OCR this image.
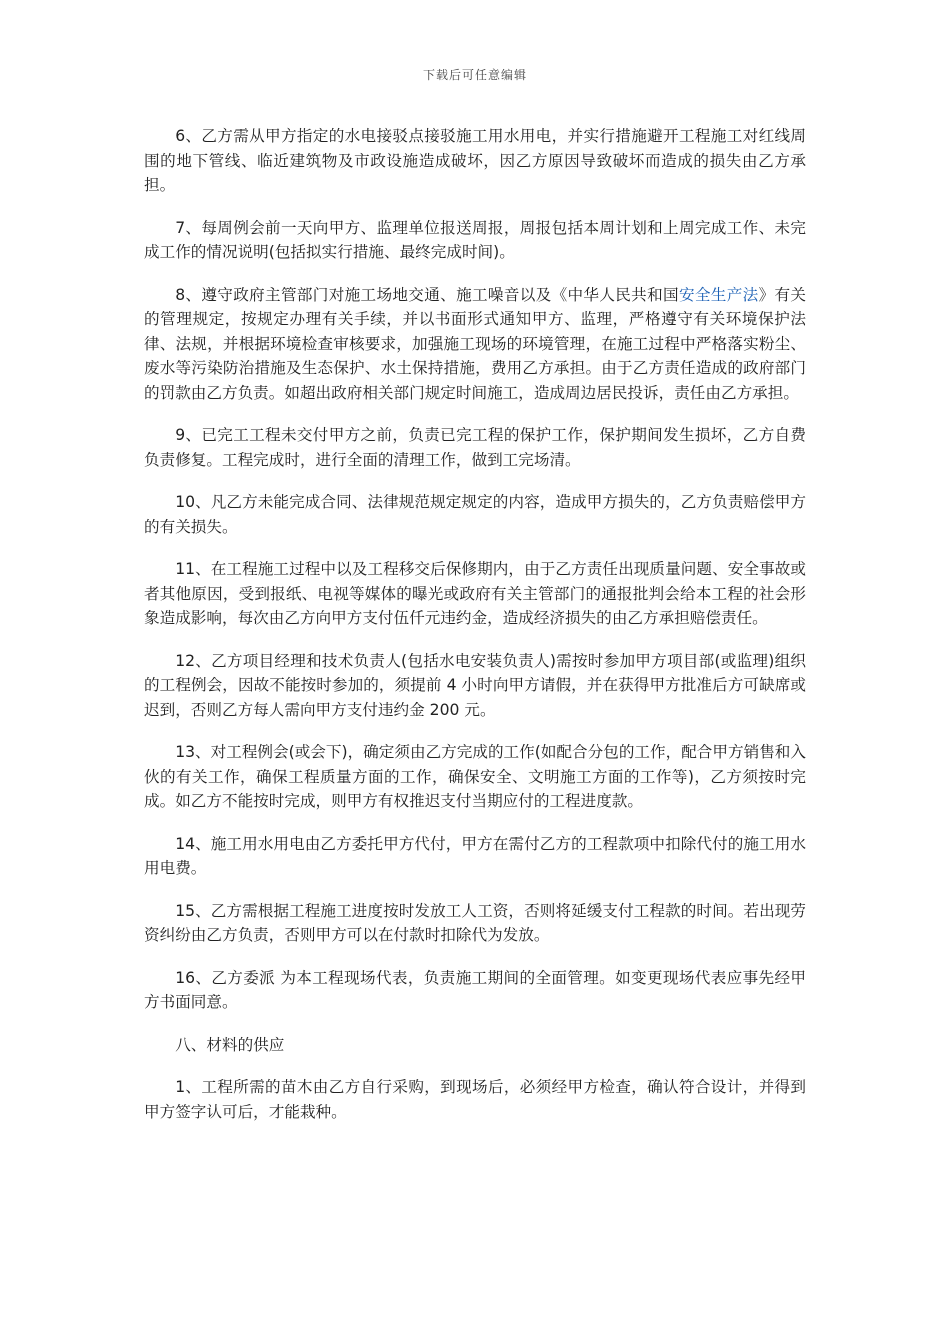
下载后可任意编辑

6、乙方需从甲方指定的水电接驳点接驳施工用水用电，并实行措施避开工程施工对红线周围的地下管线、临近建筑物及市政设施造成破坏，因乙方原因导致破坏而造成的损失由乙方承担。

7、每周例会前一天向甲方、监理单位报送周报，周报包括本周计划和上周完成工作、未完成工作的情况说明(包括拟实行措施、最终完成时间)。

8、遵守政府主管部门对施工场地交通、施工噪音以及《中华人民共和国安全生产法》有关的管理规定，按规定办理有关手续，并以书面形式通知甲方、监理，严格遵守有关环境保护法律、法规，并根据环境检查审核要求，加强施工现场的环境管理，在施工过程中严格落实粉尘、废水等污染防治措施及生态保护、水土保持措施，费用乙方承担。由于乙方责任造成的政府部门的罚款由乙方负责。如超出政府相关部门规定时间施工，造成周边居民投诉，责任由乙方承担。

9、已完工工程未交付甲方之前，负责已完工程的保护工作，保护期间发生损坏，乙方自费负责修复。工程完成时，进行全面的清理工作，做到工完场清。

10、凡乙方未能完成合同、法律规范规定规定的内容，造成甲方损失的，乙方负责赔偿甲方的有关损失。

11、在工程施工过程中以及工程移交后保修期内，由于乙方责任出现质量问题、安全事故或者其他原因，受到报纸、电视等媒体的曝光或政府有关主管部门的通报批判会给本工程的社会形象造成影响，每次由乙方向甲方支付伍仟元违约金，造成经济损失的由乙方承担赔偿责任。

12、乙方项目经理和技术负责人(包括水电安装负责人)需按时参加甲方项目部(或监理)组织的工程例会，因故不能按时参加的，须提前 4 小时向甲方请假，并在获得甲方批准后方可缺席或迟到，否则乙方每人需向甲方支付违约金 200 元。

13、对工程例会(或会下)，确定须由乙方完成的工作(如配合分包的工作，配合甲方销售和入伙的有关工作，确保工程质量方面的工作，确保安全、文明施工方面的工作等)，乙方须按时完成。如乙方不能按时完成，则甲方有权推迟支付当期应付的工程进度款。

14、施工用水用电由乙方委托甲方代付，甲方在需付乙方的工程款项中扣除代付的施工用水用电费。

15、乙方需根据工程施工进度按时发放工人工资，否则将延缓支付工程款的时间。若出现劳资纠纷由乙方负责，否则甲方可以在付款时扣除代为发放。

16、乙方委派 为本工程现场代表，负责施工期间的全面管理。如变更现场代表应事先经甲方书面同意。

八、材料的供应

1、工程所需的苗木由乙方自行采购，到现场后，必须经甲方检查，确认符合设计，并得到甲方签字认可后，才能栽种。
